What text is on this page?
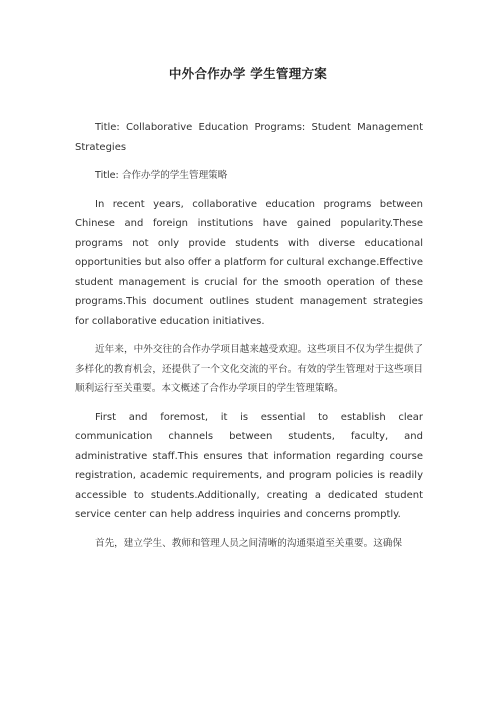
中外合作办学 学生管理方案

Title: Collaborative Education Programs: Student Management Strategies

Title: 合作办学的学生管理策略

In recent years, collaborative education programs between Chinese and foreign institutions have gained popularity.These programs not only provide students with diverse educational opportunities but also offer a platform for cultural exchange.Effective student management is crucial for the smooth operation of these programs.This document outlines student management strategies for collaborative education initiatives.

近年来，中外交往的合作办学项目越来越受欢迎。这些项目不仅为学生提供了多样化的教育机会，还提供了一个文化交流的平台。有效的学生管理对于这些项目顺利运行至关重要。本文概述了合作办学项目的学生管理策略。

First and foremost, it is essential to establish clear communication channels between students, faculty, and administrative staff.This ensures that information regarding course registration, academic requirements, and program policies is readily accessible to students.Additionally, creating a dedicated student service center can help address inquiries and concerns promptly.

首先，建立学生、教师和管理人员之间清晰的沟通渠道至关重要。这确保
